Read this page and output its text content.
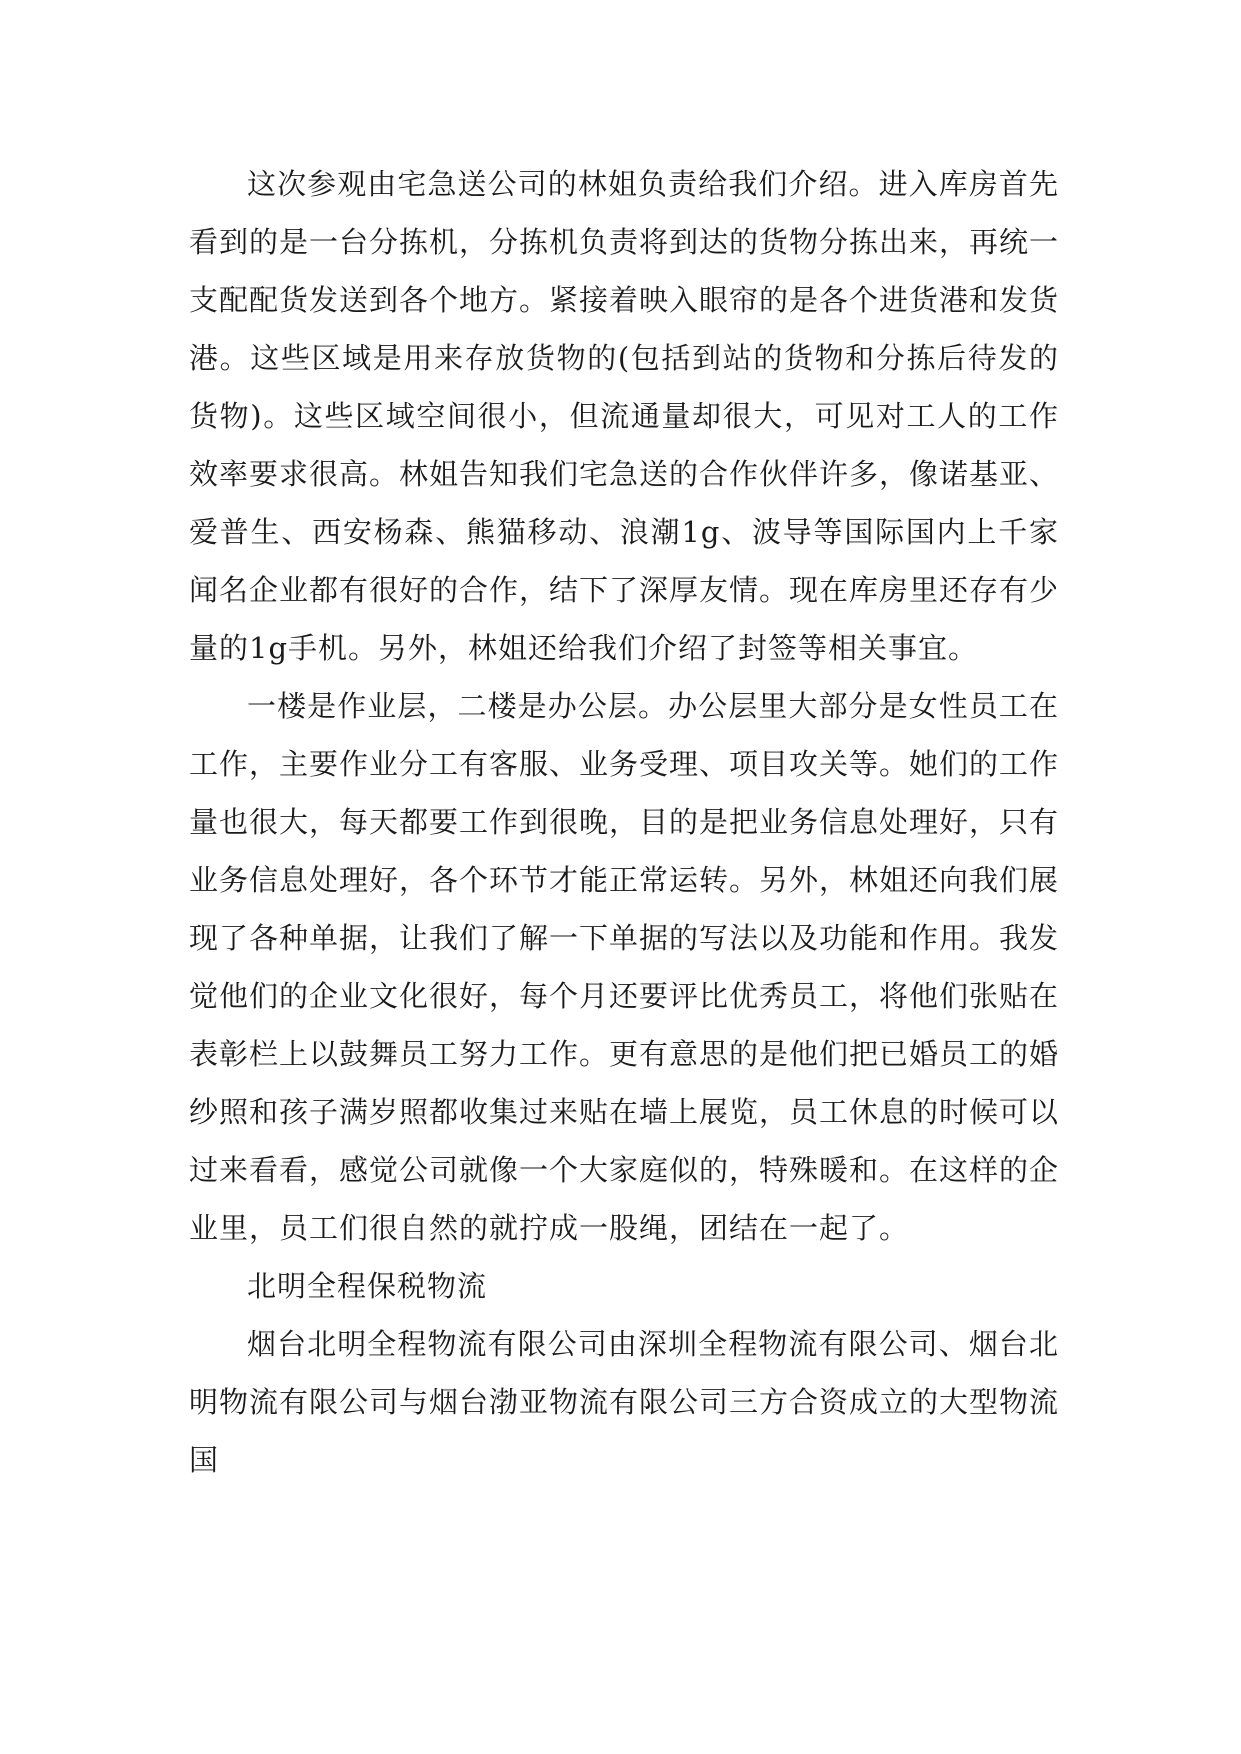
这次参观由宅急送公司的林姐负责给我们介绍。进入库房首先看到的是一台分拣机，分拣机负责将到达的货物分拣出来，再统一支配配货发送到各个地方。紧接着映入眼帘的是各个进货港和发货港。这些区域是用来存放货物的(包括到站的货物和分拣后待发的货物)。这些区域空间很小，但流通量却很大，可见对工人的工作效率要求很高。林姐告知我们宅急送的合作伙伴许多，像诺基亚、爱普生、西安杨森、熊猫移动、浪潮1g、波导等国际国内上千家闻名企业都有很好的合作，结下了深厚友情。现在库房里还存有少量的1g手机。另外，林姐还给我们介绍了封签等相关事宜。

一楼是作业层，二楼是办公层。办公层里大部分是女性员工在工作，主要作业分工有客服、业务受理、项目攻关等。她们的工作量也很大，每天都要工作到很晚，目的是把业务信息处理好，只有业务信息处理好，各个环节才能正常运转。另外，林姐还向我们展现了各种单据，让我们了解一下单据的写法以及功能和作用。我发觉他们的企业文化很好，每个月还要评比优秀员工，将他们张贴在表彰栏上以鼓舞员工努力工作。更有意思的是他们把已婚员工的婚纱照和孩子满岁照都收集过来贴在墙上展览，员工休息的时候可以过来看看，感觉公司就像一个大家庭似的，特殊暖和。在这样的企业里，员工们很自然的就拧成一股绳，团结在一起了。

北明全程保税物流

烟台北明全程物流有限公司由深圳全程物流有限公司、烟台北明物流有限公司与烟台渤亚物流有限公司三方合资成立的大型物流国
